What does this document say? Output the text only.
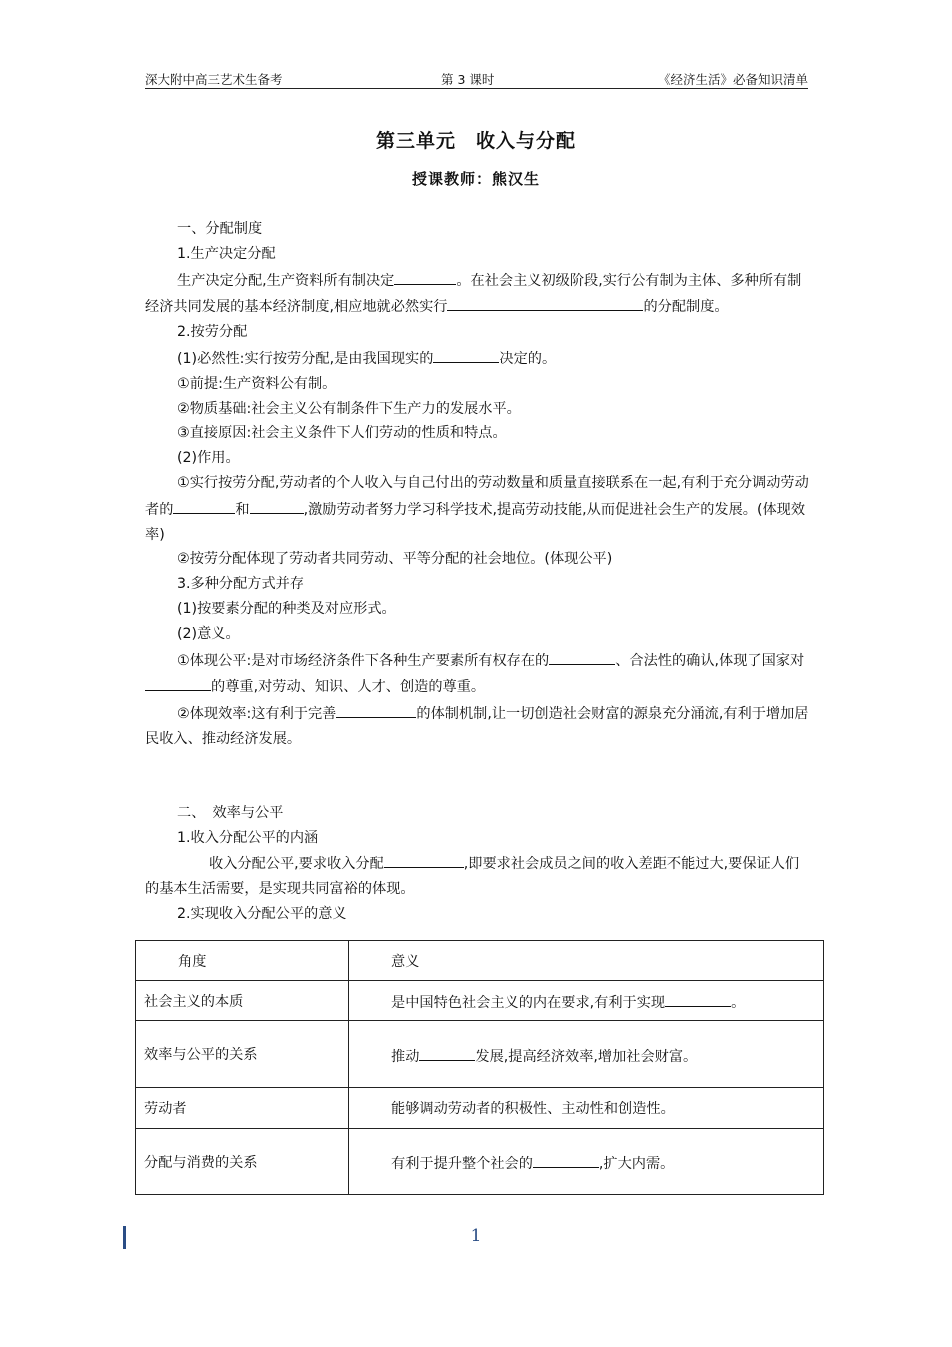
深大附中高三艺术生备考	第 3 课时	《经济生活》必备知识清单
第三单元　收入与分配
授课教师：熊汉生

一、分配制度

1.生产决定分配

生产决定分配,生产资料所有制决定	。在社会主义初级阶段,实行公有制为主体、多种所有制经济共同发展的基本经济制度,相应地就必然实行	的分配制度。

2.按劳分配

(1)必然性:实行按劳分配,是由我国现实的	决定的。

①前提:生产资料公有制。

②物质基础:社会主义公有制条件下生产力的发展水平。

③直接原因:社会主义条件下人们劳动的性质和特点。

(2)作用。

①实行按劳分配,劳动者的个人收入与自己付出的劳动数量和质量直接联系在一起,有利于充分调动劳动者的	和	,激励劳动者努力学习科学技术,提高劳动技能,从而促进社会生产的发展。(体现效率)

②按劳分配体现了劳动者共同劳动、平等分配的社会地位。(体现公平)

3.多种分配方式并存

(1)按要素分配的种类及对应形式。

(2)意义。

①体现公平:是对市场经济条件下各种生产要素所有权存在的	、合法性的确认,体现了国家对的尊重,对劳动、知识、人才、创造的尊重。

②体现效率:这有利于完善	的体制机制,让一切创造社会财富的源泉充分涌流,有利于增加居民收入、推动经济发展。

二、　效率与公平

1.收入分配公平的内涵

收入分配公平,要求收入分配	,即要求社会成员之间的收入差距不能过大,要保证人们的基本生活需要，是实现共同富裕的体现。

2.实现收入分配公平的意义

角度	意义
社会主义的本质	是中国特色社会主义的内在要求,有利于实现 。
效率与公平的关系	推动 发展,提高经济效率,增加社会财富。
劳动者	能够调动劳动者的积极性、主动性和创造性。
分配与消费的关系	有利于提升整个社会的 ,扩大内需。
1
